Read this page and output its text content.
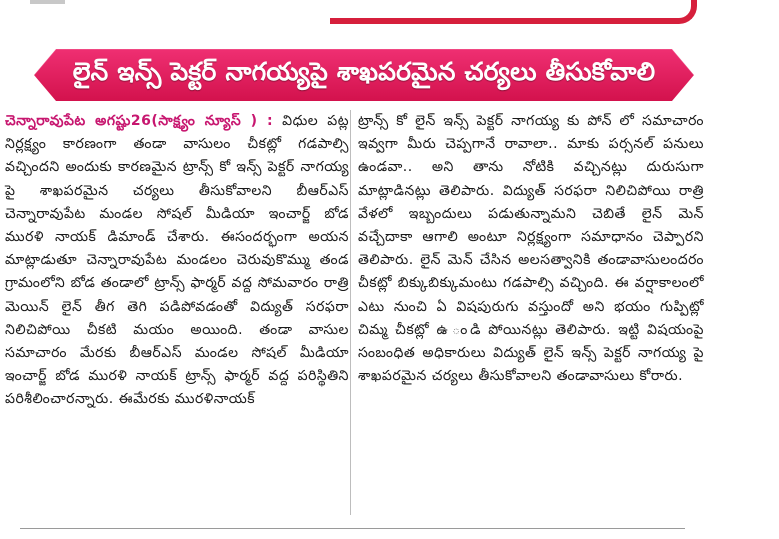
లైన్ ఇన్స్ పెక్టర్ నాగయ్యపై శాఖపరమైన చర్యలు తీసుకోవాలి

చెన్నారావుపేట అగష్టు26(సాక్ష్యం న్యూస్ ) : విధుల పట్ల నిర్లక్ష్యం కారణంగా తండా వాసులం చీకట్లో గడపాల్సి వచ్చిందని అందుకు కారణమైన ట్రాన్స్ కో ఇన్స్ పెక్టర్ నాగయ్య పై శాఖపరమైన చర్యలు తీసుకోవాలని బీఆర్ఎస్ చెన్నారావుపేట మండల సోషల్ మీడియా ఇంచార్జ్ బోడ మురళి నాయక్ డిమాండ్ చేశారు. ఈసందర్భంగా అయన మాట్లాడుతూ చెన్నారావుపేట మండలం చెరువుకొమ్ము తండ గ్రామంలోని బోడ తండాలో ట్రాన్స్ ఫార్మర్ వద్ద సోమవారం రాత్రి మెయిన్ లైన్ తీగ తెగి పడిపోవడంతో విద్యుత్ సరఫరా నిలిచిపోయి చీకటి మయం అయింది. తండా వాసుల సమాచారం మేరకు బీఆర్ఎస్ మండల సోషల్ మీడియా ఇంచార్జ్ బోడ మురళి నాయక్ ట్రాన్స్ ఫార్మర్ వద్ద పరిస్థితిని పరిశీలించారన్నారు. ఈమేరకు మురళినాయక్

ట్రాన్స్ కో లైన్ ఇన్స్ పెక్టర్ నాగయ్య కు పోన్ లో సమాచారం ఇవ్వగా మీరు చెప్పగానే రావాలా.. మాకు పర్సనల్ పనులు ఉండవా.. అని తాను నోటికి వచ్చినట్లు దురుసుగా మాట్లాడినట్లు తెలిపారు. విద్యుత్ సరఫరా నిలిచిపోయి రాత్రి వేళలో ఇబ్బందులు పడుతున్నామని చెబితే లైన్ మెన్ వచ్చేదాకా ఆగాలి అంటూ నిర్లక్ష్యంగా సమాధానం చెప్పారని తెలిపారు. లైన్ మెన్ చేసిన అలసత్వానికి తండావాసులందరం చీకట్లో బిక్కుబిక్కుమంటు గడపాల్సి వచ్చింది. ఈ వర్షాకాలంలో ఎటు నుంచి ఏ విషపురుగు వస్తుందో అని భయం గుప్పిట్లో చిమ్మ చీకట్లో ఉ ండి పోయినట్లు తెలిపారు. ఇట్టి విషయంపై సంబంధిత అధికారులు విద్యుత్ లైన్ ఇన్స్ పెక్టర్ నాగయ్య పై శాఖపరమైన చర్యలు తీసుకోవాలని తండావాసులు కోరారు.
